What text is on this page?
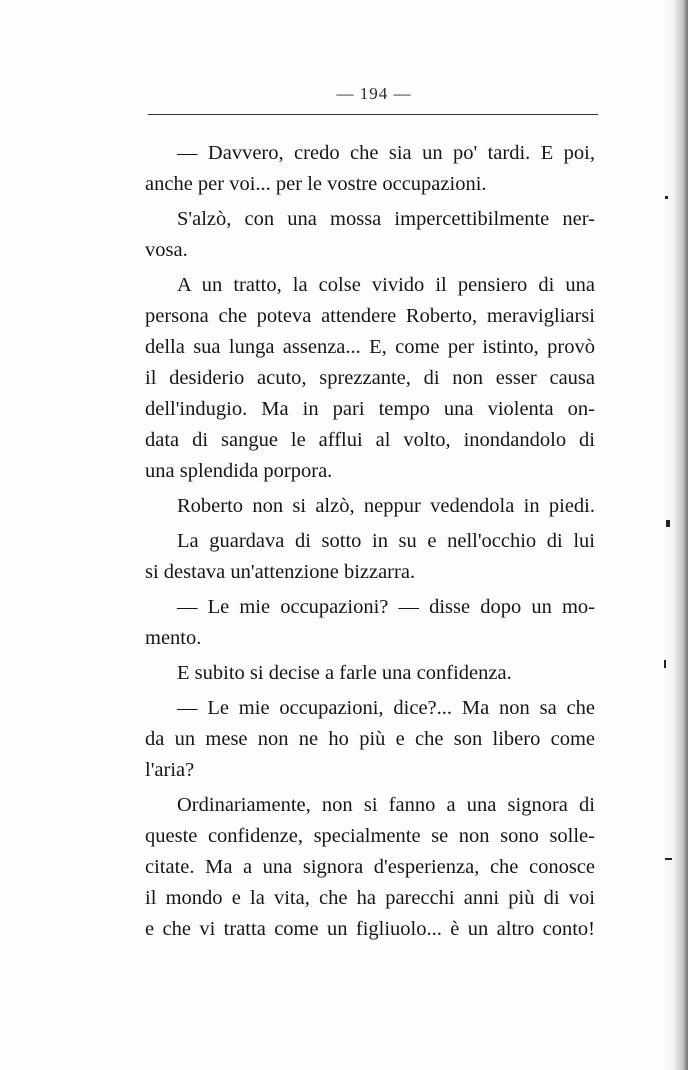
— 194 —
— Davvero, credo che sia un po' tardi. E poi,
anche per voi... per le vostre occupazioni.
S'alzò, con una mossa impercettibilmente ner-
vosa.
A un tratto, la colse vivido il pensiero di una
persona che poteva attendere Roberto, meravigliarsi
della sua lunga assenza... E, come per istinto, provò
il desiderio acuto, sprezzante, di non esser causa
dell'indugio. Ma in pari tempo una violenta on-
data di sangue le afflui al volto, inondandolo di
una splendida porpora.
Roberto non si alzò, neppur vedendola in piedi.
La guardava di sotto in su e nell'occhio di lui
si destava un'attenzione bizzarra.
— Le mie occupazioni? — disse dopo un mo-
mento.
E subito si decise a farle una confidenza.
— Le mie occupazioni, dice?... Ma non sa che
da un mese non ne ho più e che son libero come
l'aria?
Ordinariamente, non si fanno a una signora di
queste confidenze, specialmente se non sono solle-
citate. Ma a una signora d'esperienza, che conosce
il mondo e la vita, che ha parecchi anni più di voi
e che vi tratta come un figliuolo... è un altro conto!
